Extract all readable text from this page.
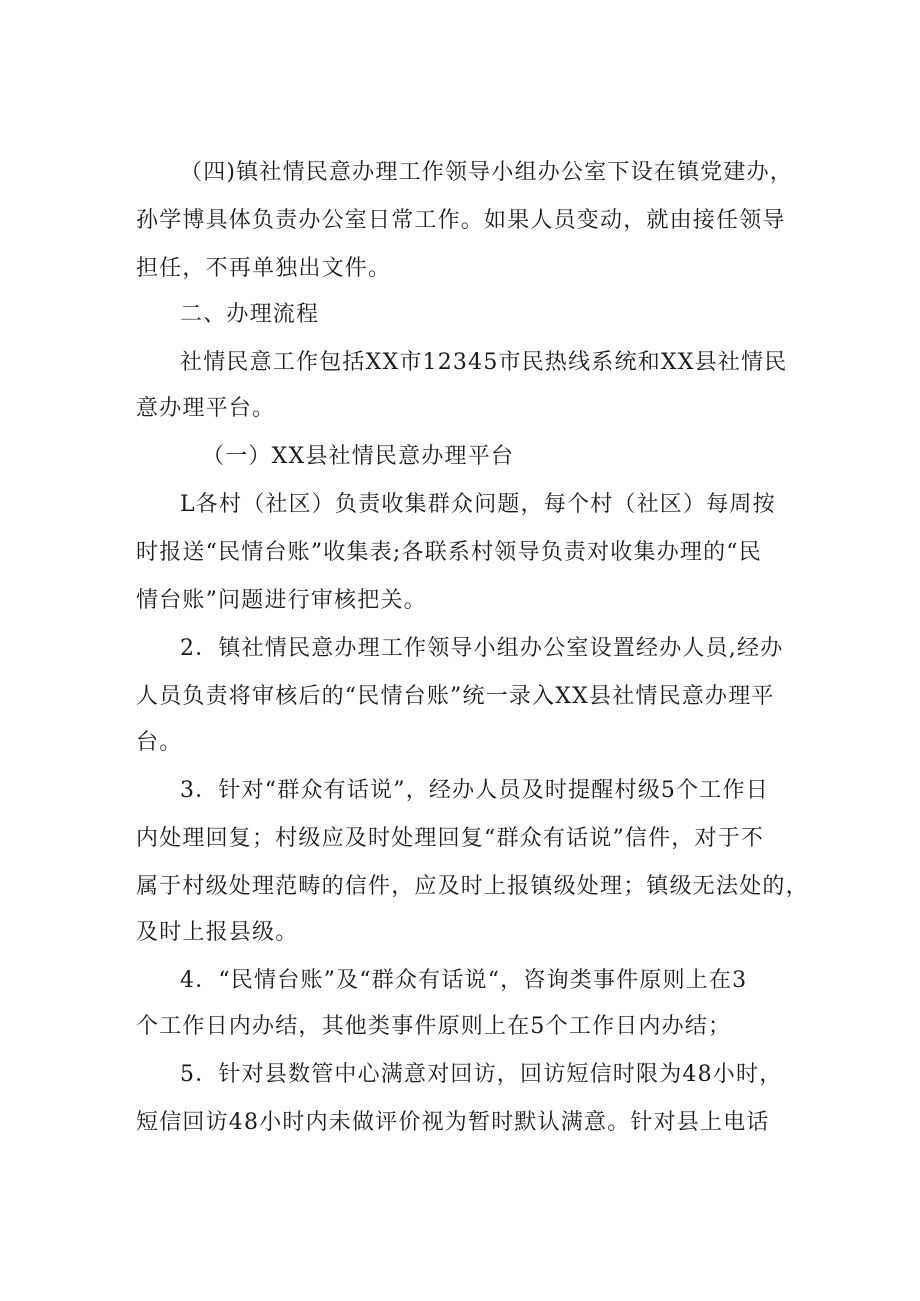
（四)镇社情民意办理工作领导小组办公室下设在镇党建办，
孙学博具体负责办公室日常工作。如果人员变动，就由接任领导
担任，不再单独出文件。
二、办理流程
社情民意工作包括XX市12345市民热线系统和XX县社情民
意办理平台。
（一）XX县社情民意办理平台
L各村（社区）负责收集群众问题，每个村（社区）每周按
时报送“民情台账”收集表;各联系村领导负责对收集办理的“民
情台账”问题进行审核把关。
2．镇社情民意办理工作领导小组办公室设置经办人员,经办
人员负责将审核后的“民情台账”统一录入XX县社情民意办理平
台。
3．针对“群众有话说”，经办人员及时提醒村级5个工作日
内处理回复；村级应及时处理回复“群众有话说”信件，对于不
属于村级处理范畴的信件，应及时上报镇级处理；镇级无法处的，
及时上报县级。
4．“民情台账”及“群众有话说“，咨询类事件原则上在3
个工作日内办结，其他类事件原则上在5个工作日内办结；
5．针对县数管中心满意对回访，回访短信时限为48小时，
短信回访48小时内未做评价视为暂时默认满意。针对县上电话
